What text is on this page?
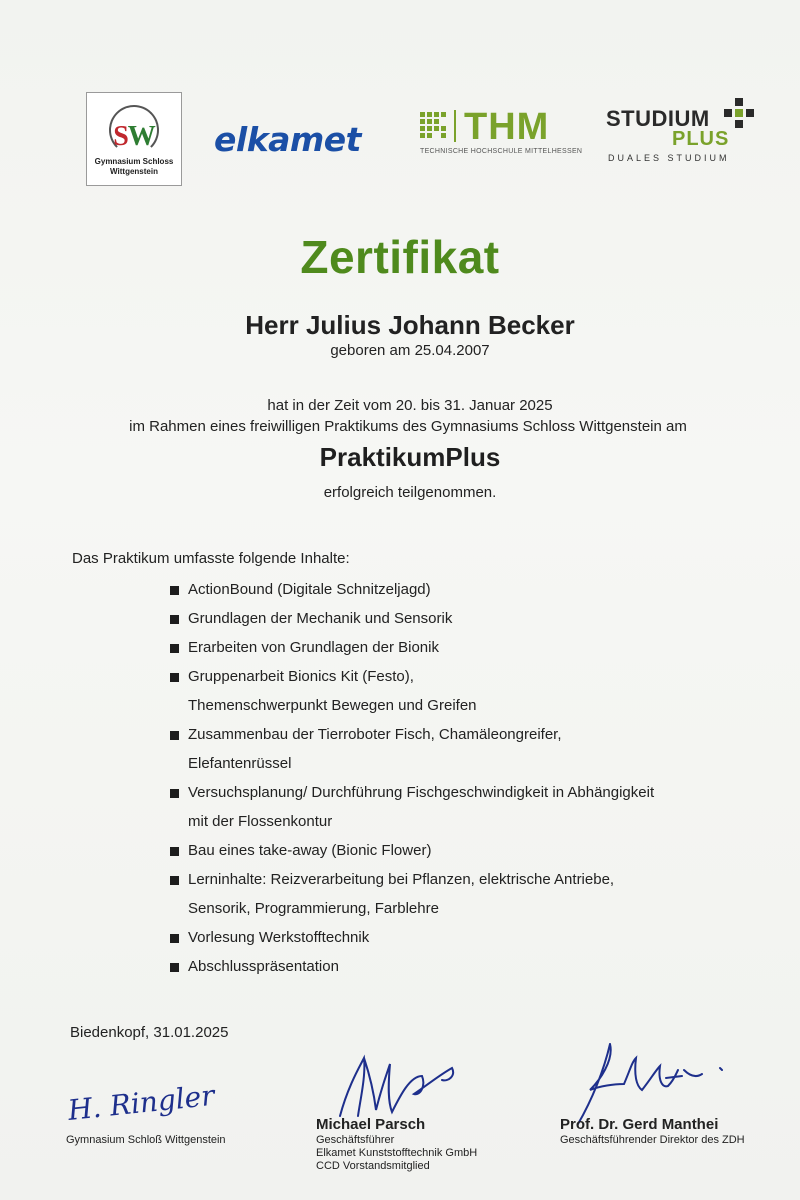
SW
Gymnasium Schloss
Wittgenstein
elkamet	THM
TECHNISCHE HOCHSCHULE MITTELHESSEN
STUDIUM
PLUS
DUALES STUDIUM
Zertifikat
Herr Julius Johann Becker
geboren am 25.04.2007
hat in der Zeit vom 20. bis 31. Januar 2025
im Rahmen eines freiwilligen Praktikums des Gymnasiums Schloss Wittgenstein am
PraktikumPlus
erfolgreich teilgenommen.
Das Praktikum umfasste folgende Inhalte:
ActionBound (Digitale Schnitzeljagd)
Grundlagen der Mechanik und Sensorik
Erarbeiten von Grundlagen der Bionik
Gruppenarbeit Bionics Kit (Festo),
Themenschwerpunkt Bewegen und Greifen
Zusammenbau der Tierroboter Fisch, Chamäleongreifer,
Elefantenrüssel
Versuchsplanung/ Durchführung Fischgeschwindigkeit in Abhängigkeit
mit der Flossenkontur
Bau eines take-away (Bionic Flower)
Lerninhalte: Reizverarbeitung bei Pflanzen, elektrische Antriebe,
Sensorik, Programmierung, Farblehre
Vorlesung Werkstofftechnik
Abschlusspräsentation
Biedenkopf, 31.01.2025
H. Ringler
Gymnasium Schloß Wittgenstein
Michael Parsch
Geschäftsführer
Elkamet Kunststofftechnik GmbH
CCD Vorstandsmitglied
Prof. Dr. Gerd Manthei
Geschäftsführender Direktor des ZDH
